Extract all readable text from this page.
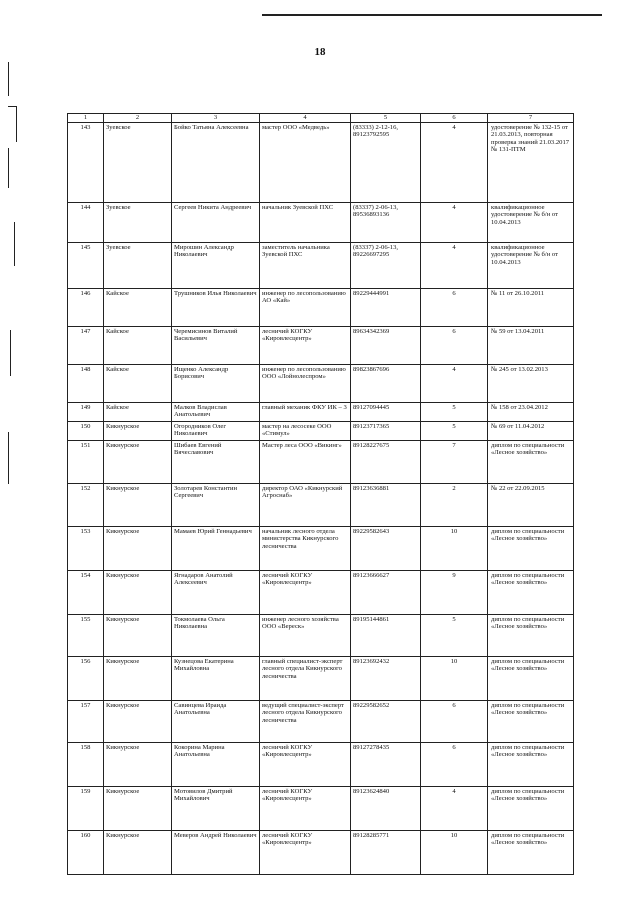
18
1	2	3	4	5	6	7
143	Зуевское	Бойко Татьяна Алексеевна	мастер ООО «Медведь»	(83333) 2-12-16, 89123792595	4	удостоверение № 132-15 от 21.03.2013, повторная проверка знаний 21.03.2017 № 131-ПТМ
144	Зуевское	Сергеев Никита Андреевич	начальник Зуевской ПХС	(83337) 2-06-13, 89536893136	4	квалификационное удостоверение № б/н от 10.04.2013
145	Зуевское	Мирошин Александр Николаевич	заместитель начальника Зуевской ПХС	(83337) 2-06-13, 89226697295	4	квалификационное удостоверение № б/н от 10.04.2013
146	Кайское	Трушников Илья Николаевич	инженер по лесопользованию АО «Кай»	89229444991	6	№ 11 от 26.10.2011
147	Кайское	Черемисинов Виталий Васильевич	лесничий КОГКУ «Кировлесцентр»	89634342369	6	№ 59 от 13.04.2011
148	Кайское	Ищенко Александр Борисович	инженер по лесопользованию ООО «Лойнолеспром»	89823867696	4	№ 245 от 13.02.2013
149	Кайское	Малков Владислав Анатольевич	главный механик ФКУ ИК – 3	89127094445	5	№ 158 от 23.04.2012
150	Кикнурское	Огородников Олег Николаевич	мастер на лесосеке ООО «Стимул»	89123717365	5	№ 69 от 11.04.2012
151	Кикнурское	Шибаев Евгений Вячеславович	Мастер леса ООО «Викинг»	89128227675	7	диплом по специальности «Лесное хозяйство»
152	Кикнурское	Золотарев Константин Сергеевич	директор ОАО «Кикнурский Агроснаб»	89123636881	2	№ 22 от 22.09.2015
153	Кикнурское	Мамаев Юрий Геннадьевич	начальник лесного отдела министерства Кикнурского лесничества	89229582643	10	диплом по специальности «Лесное хозяйство»
154	Кикнурское	Ягнадаров Анатолий Алексеевич	лесничий КОГКУ «Кировлесцентр»	89123666627	9	диплом по специальности «Лесное хозяйство»
155	Кикнурское	Токмолаева Ольга Николаевна	инженер лесного хозяйства ООО «Вереск»	89195144861	5	диплом по специальности «Лесное хозяйство»
156	Кикнурское	Кузнецова Екатерина Михайловна	главный специалист-эксперт лесного отдела Кикнурского лесничества	89123692432	10	диплом по специальности «Лесное хозяйство»
157	Кикнурское	Савинцева Ираида Анатольевна	ведущий специалист-эксперт лесного отдела Кикнурского лесничества	89229582652	6	диплом по специальности «Лесное хозяйство»
158	Кикнурское	Кокорина Марина Анатольевна	лесничий КОГКУ «Кировлесцентр»	89127278435	6	диплом по специальности «Лесное хозяйство»
159	Кикнурское	Мотовилов Дмитрий Михайлович	лесничий КОГКУ «Кировлесцентр»	89123624840	4	диплом по специальности «Лесное хозяйство»
160	Кикнурское	Меверов Андрей Николаевич	лесничий КОГКУ «Кировлесцентр»	89128285771	10	диплом по специальности «Лесное хозяйство»
